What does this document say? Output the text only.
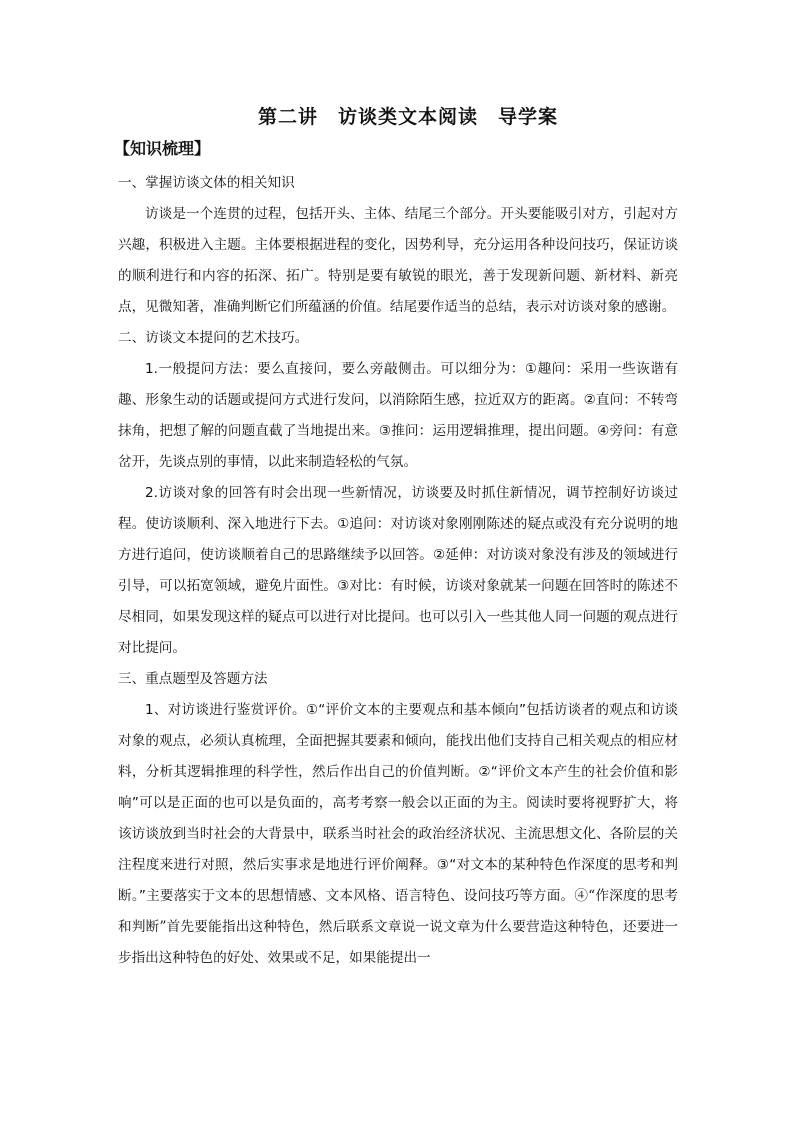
第二讲　访谈类文本阅读　导学案
【知识梳理】

一、掌握访谈文体的相关知识

访谈是一个连贯的过程，包括开头、主体、结尾三个部分。开头要能吸引对方，引起对方兴趣，积极进入主题。主体要根据进程的变化，因势利导，充分运用各种设问技巧，保证访谈的顺利进行和内容的拓深、拓广。特别是要有敏锐的眼光，善于发现新问题、新材料、新亮点，见微知著，准确判断它们所蕴涵的价值。结尾要作适当的总结，表示对访谈对象的感谢。

二、访谈文本提问的艺术技巧。

1.一般提问方法：要么直接问，要么旁敲侧击。可以细分为：①趣问：采用一些诙谐有趣、形象生动的话题或提问方式进行发问，以消除陌生感，拉近双方的距离。②直问：不转弯抹角，把想了解的问题直截了当地提出来。③推问：运用逻辑推理，提出问题。④旁问：有意岔开，先谈点别的事情，以此来制造轻松的气氛。

2.访谈对象的回答有时会出现一些新情况，访谈要及时抓住新情况，调节控制好访谈过程。使访谈顺利、深入地进行下去。①追问：对访谈对象刚刚陈述的疑点或没有充分说明的地方进行追问，使访谈顺着自己的思路继续予以回答。②延伸：对访谈对象没有涉及的领域进行引导，可以拓宽领域，避免片面性。③对比：有时候，访谈对象就某一问题在回答时的陈述不尽相同，如果发现这样的疑点可以进行对比提问。也可以引入一些其他人同一问题的观点进行对比提问。

三、重点题型及答题方法

1、对访谈进行鉴赏评价。①“评价文本的主要观点和基本倾向”包括访谈者的观点和访谈对象的观点，必须认真梳理，全面把握其要素和倾向，能找出他们支持自己相关观点的相应材料，分析其逻辑推理的科学性，然后作出自己的价值判断。②“评价文本产生的社会价值和影响”可以是正面的也可以是负面的，高考考察一般会以正面的为主。阅读时要将视野扩大，将该访谈放到当时社会的大背景中，联系当时社会的政治经济状况、主流思想文化、各阶层的关注程度来进行对照，然后实事求是地进行评价阐释。③“对文本的某种特色作深度的思考和判断。”主要落实于文本的思想情感、文本风格、语言特色、设问技巧等方面。④“作深度的思考和判断”首先要能指出这种特色，然后联系文章说一说文章为什么要营造这种特色，还要进一步指出这种特色的好处、效果或不足，如果能提出一
